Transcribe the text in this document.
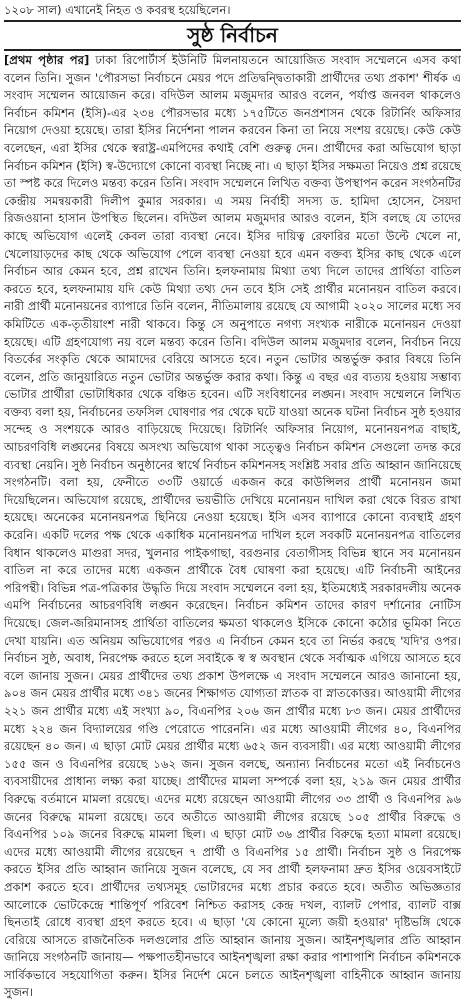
১২০৮ সাল) এখানেই নিহত ও কবরস্থ হয়েছিলেন।
সুষ্ঠ নির্বাচন

[প্রথম পৃষ্ঠার পর] ঢাকা রিপোর্টার্স ইউনিটি মিলনায়তনে আয়োজিত সংবাদ সম্মেলনে এসব কথা বলেন তিনি। সুজন 'পৌরসভা নির্বাচনে মেয়র পদে প্রতিদ্বন্দ্বিতাকারী প্রার্থীদের তথ্য প্রকাশ' শীর্ষক এ সংবাদ সম্মেলন আয়োজন করে। বদিউল আলম মজুমদার আরও বলেন, পর্যাপ্ত জনবল থাকলেও নির্বাচন কমিশন (ইসি)-এর ২৩৪ পৌরসভার মধ্যে ১৭৫টিতে জনপ্রশাসন থেকে রিটার্নিং অফিসার নিয়োগ দেওয়া হয়েছে। তারা ইসির নির্দেশনা পালন করবেন কিনা তা নিয়ে সংশয় রয়েছে। কেউ কেউ বলেছেন, এরা ইসির থেকে স্বরাষ্ট্র-এমপিদের কথাই বেশি গুরুত্ব দেন। প্রার্থীদের করা অভিযোগ ছাড়া নির্বাচন কমিশন (ইসি) স্ব-উদ্যোগে কোনো ব্যবস্থা নিচ্ছে না। এ ছাড়া ইসির সক্ষমতা নিয়েও প্রশ্ন রয়েছে তা স্পষ্ট করে দিলেও মন্তব্য করেন তিনি। সংবাদ সম্মেলনে লিখিত বক্তব্য উপস্থাপন করেন সংগঠনটির কেন্দ্রীয় সমন্বয়কারী দিলীপ কুমার সরকার। এ সময় নির্বাহী সদস্য ড. হামিদা হোসেন, সৈয়দা রিজওয়ানা হাসান উপস্থিত ছিলেন। বদিউল আলম মজুমদার আরও বলেন, ইসি বলছে যে তাদের কাছে অভিযোগ এলেই কেবল তারা ব্যবস্থা নেবে। ইসির দায়িত্ব রেফারির মতো উল্টে খেলে না, খেলোয়াড়দের কাছ থেকে অভিযোগ পেলে ব্যবস্থা নেওয়া হবে এমন বক্তব্য ইসির কাছ থেকে এলে নির্বাচন আর কেমন হবে, প্রশ্ন রাখেন তিনি। হলফনামায় মিথ্যা তথ্য দিলে তাদের প্রার্থিতা বাতিল করতে হবে, হলফনামায় যদি কেউ মিথ্যা তথ্য দেন তবে ইসি সেই প্রার্থীর মনোনয়ন বাতিল করবে। নারী প্রার্থী মনোনয়নের ব্যাপারে তিনি বলেন, নীতিমালায় রয়েছে যে আগামী ২০২০ সালের মধ্যে সব কমিটিতে এক-তৃতীয়াংশ নারী থাকবে। কিন্তু সে অনুপাতে নগণ্য সংখ্যক নারীকে মনোনয়ন দেওয়া হয়েছে। এটি গ্রহণযোগ্য নয় বলে মন্তব্য করেন তিনি। বদিউল আলম মজুমদার বলেন, নির্বাচন নিয়ে বিতর্কের সংকৃতি থেকে আমাদের বেরিয়ে আসতে হবে। নতুন ভোটার অন্তর্ভুক্ত করার বিষয়ে তিনি বলেন, প্রতি জানুয়ারিতে নতুন ভোটার অন্তর্ভুক্ত করার কথা। কিন্তু এ বছর এর ব্যত্যয় হওয়ায় সম্ভাব্য ভোটার প্রার্থীরা ভোটাধিকার থেকে বঞ্চিত হবেন। এটি সংবিধানের লঙ্ঘন। সংবাদ সম্মেলনে লিখিত বক্তব্য বলা হয়, নির্বাচনের তফসিল ঘোষণার পর থেকে ঘটে যাওয়া অনেক ঘটনা নির্বাচন সুষ্ঠ হওয়ার সন্দেহ ও সংশয়কে আরও বাড়িয়েছে দিয়েছে। রিটার্নিং অফিসার নিয়োগ, মনোনয়নপত্র বাছাই, আচরণবিধি লঙ্ঘনের বিষয়ে অসংখ্য অভিযোগ থাকা সত্ত্বেও নির্বাচন কমিশন সেগুলো তদন্ত করে ব্যবস্থা নেয়নি। সুষ্ঠ নির্বাচন অনুষ্ঠানের স্বার্থে নির্বাচন কমিশনসহ সংশ্লিষ্ট সবার প্রতি আহ্বান জানিয়েছে সংগঠনটি। বলা হয়, ফেনীতে ৩৩টি ওয়ার্ডে একজন করে কাউন্সিলর প্রার্থী মনোনয়ন জমা দিয়েছিলেন। অভিযোগ রয়েছে, প্রার্থীদের ভয়ভীতি দেখিয়ে মনোনয়ন দাখিল করা থেকে বিরত রাখা হয়েছে। অনেকের মনোনয়নপত্র ছিনিয়ে নেওয়া হয়েছে। ইসি এসব ব্যাপারে কোনো ব্যবস্থাই গ্রহণ করেনি। একটি দলের পক্ষ থেকে একাধিক মনোনয়নপত্র দাখিল হলে সবকটি মনোনয়নপত্র বাতিলের বিধান থাকলেও মাগুরা সদর, খুলনার পাইকগাছা, বরগুনার বেতাগীসহ বিভিন্ন স্থানে সব মনোনয়ন বাতিল না করে তাদের মধ্যে একজন প্রার্থীকে বৈধ ঘোষণা করা হয়েছে। এটি নির্বাচনী আইনের পরিপন্থী। বিভিন্ন পত্র-পত্রিকার উদ্ধৃতি দিয়ে সংবাদ সম্মেলনে বলা হয়, ইতিমধ্যেই সরকারদলীয় অনেক এমপি নির্বাচনের আচরণবিধি লঙ্ঘন করেছেন। নির্বাচন কমিশন তাদের কারণ দর্শানোর নোটিস দিয়েছে। জেল-জরিমানাসহ প্রার্থিতা বাতিলের ক্ষমতা থাকলেও ইসিকে কোনো কঠোর ভূমিকা নিতে দেখা যায়নি। এত অনিয়ম অভিযোগের পরও এ নির্বাচন কেমন হবে তা নির্ভর করছে 'যদি'র ওপর। নির্বাচন সুষ্ঠ, অবাধ, নিরপেক্ষ করতে হলে সবাইকে স্ব স্ব অবস্থান থেকে সর্বাত্মক এগিয়ে আসতে হবে বলে জানায় সুজন। মেয়র প্রার্থীদের তথ্য প্রকাশ উপলক্ষে এ সংবাদ সম্মেলনে আরও জানানো হয়, ৯০৪ জন মেয়র প্রার্থীর মধ্যে ৩৪১ জনের শিক্ষাগত যোগ্যতা স্নাতক বা স্নাতকোত্তর। আওয়ামী লীগের ২২১ জন প্রার্থীর মধ্যে এই সংখ্যা ৯০, বিএনপির ২০৬ জন প্রার্থীর মধ্যে ৮৩ জন। মেয়র প্রার্থীদের মধ্যে ২২৪ জন বিদ্যালয়ের গণ্ডি পেরোতে পারেননি। এর মধ্যে আওয়ামী লীগের ৪০, বিএনপির রয়েছেন ৪০ জন। এ ছাড়া মোট মেয়র প্রার্থীর মধ্যে ৬৫২ জন ব্যবসায়ী। এর মধ্যে আওয়ামী লীগের ১৫৫ জন ও বিএনপির রয়েছে ১৬২ জন। সুজন বলছে, অন্যান্য নির্বাচনের মতো এই নির্বাচনেও ব্যবসায়ীদের প্রাধান্য লক্ষ্য করা যাচ্ছে। প্রার্থীদের মামলা সম্পর্কে বলা হয়, ২১৯ জন মেয়র প্রার্থীর বিরুদ্ধে বর্তমানে মামলা রয়েছে। এদের মধ্যে রয়েছেন আওয়ামী লীগের ৩৩ প্রার্থী ও বিএনপির ৯৬ জনের বিরুদ্ধে মামলা রয়েছে। তবে অতীতে আওয়ামী লীগের রয়েছে ১০৫ প্রার্থীর বিরুদ্ধে ও বিএনপির ১০৯ জনের বিরুদ্ধে মামলা ছিল। এ ছাড়া মোট ৩৬ প্রার্থীর বিরুদ্ধে হত্যা মামলা রয়েছে। এদের মধ্যে আওয়ামী লীগের রয়েছেন ৭ প্রার্থী ও বিএনপির ১৫ প্রার্থী। নির্বাচন সুষ্ঠ ও নিরপেক্ষ করতে ইসির প্রতি আহ্বান জানিয়ে সুজন বলেছে, যে সব প্রার্থী হলফনামা দ্রুত ইসির ওয়েবসাইটে প্রকাশ করতে হবে। প্রার্থীদের তথ্যসমূহ ভোটারদের মধ্যে প্রচার করতে হবে। অতীত অভিজ্ঞতার আলোকে ভোটকেন্দ্রে শান্তিপূর্ণ পরিবেশ নিশ্চিত করাসহ কেন্দ্র দখল, ব্যালট পেপার, ব্যালট বাক্স ছিনতাই রোধে ব্যবস্থা গ্রহণ করতে হবে। এ ছাড়া 'যে কোনো মূল্যে জয়ী হওয়ার' দৃষ্টিভঙ্গি থেকে বেরিয়ে আসতে রাজনৈতিক দলগুলোর প্রতি আহ্বান জানায় সুজন। আইনশৃঙ্খলার প্রতি আহ্বান জানিয়ে সংগঠনটি জানায়— পক্ষপাতহীনভাবে আইনশৃঙ্খলা রক্ষা করার পাশাপাশি নির্বাচন কমিশনকে সার্বিকভাবে সহযোগিতা করুন। ইসির নির্দেশ মেনে চলতে আইনশৃঙ্খলা বাহিনীকে আহ্বান জানায় সুজন।
